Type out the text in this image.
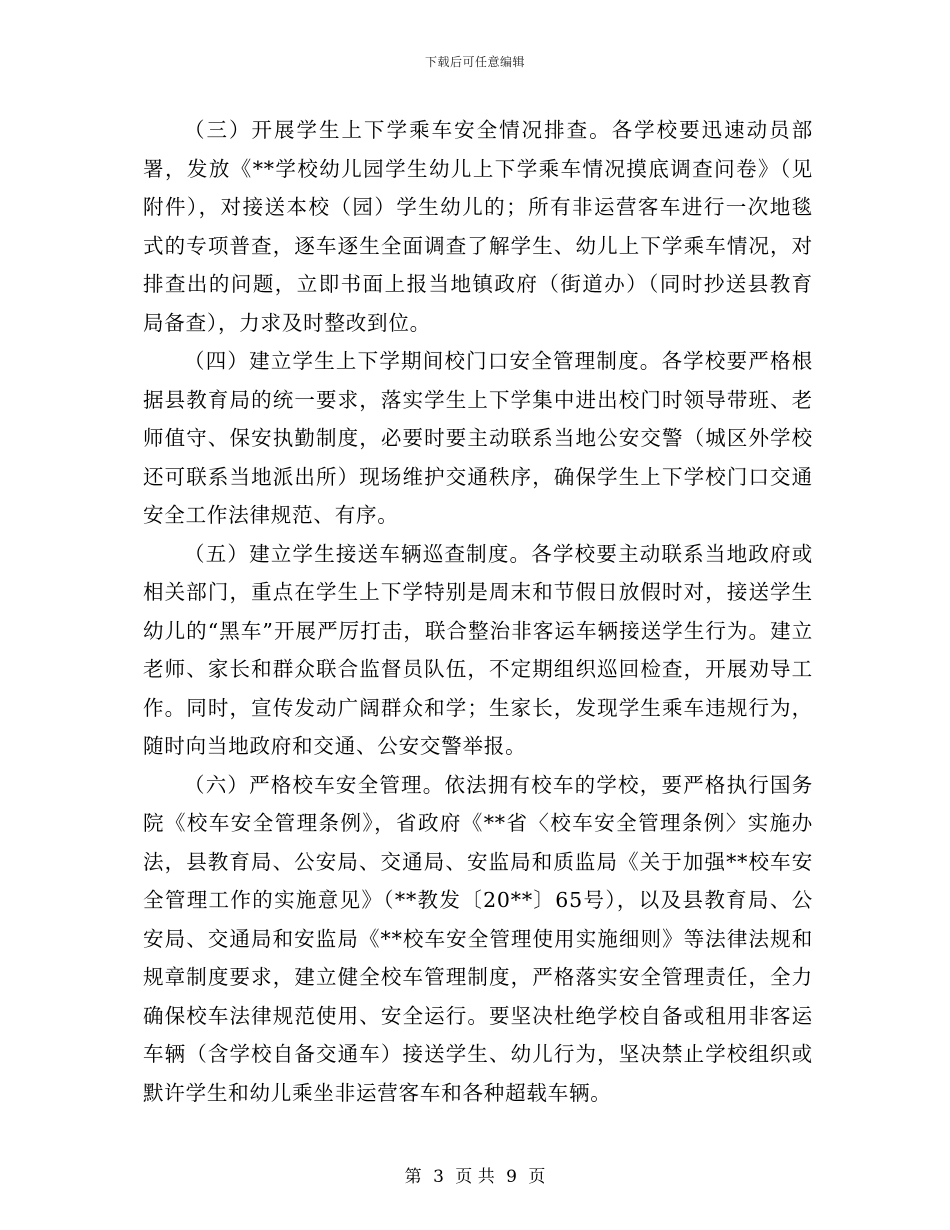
下载后可任意编辑

（三）开展学生上下学乘车安全情况排查。各学校要迅速动员部署，发放《**学校幼儿园学生幼儿上下学乘车情况摸底调查问卷》（见附件），对接送本校（园）学生幼儿的；所有非运营客车进行一次地毯式的专项普查，逐车逐生全面调查了解学生、幼儿上下学乘车情况，对排查出的问题，立即书面上报当地镇政府（街道办）（同时抄送县教育局备查），力求及时整改到位。

（四）建立学生上下学期间校门口安全管理制度。各学校要严格根据县教育局的统一要求，落实学生上下学集中进出校门时领导带班、老师值守、保安执勤制度，必要时要主动联系当地公安交警（城区外学校还可联系当地派出所）现场维护交通秩序，确保学生上下学校门口交通安全工作法律规范、有序。

（五）建立学生接送车辆巡查制度。各学校要主动联系当地政府或相关部门，重点在学生上下学特别是周末和节假日放假时对，接送学生幼儿的“黑车”开展严厉打击，联合整治非客运车辆接送学生行为。建立老师、家长和群众联合监督员队伍，不定期组织巡回检查，开展劝导工作。同时，宣传发动广阔群众和学；生家长，发现学生乘车违规行为，随时向当地政府和交通、公安交警举报。

（六）严格校车安全管理。依法拥有校车的学校，要严格执行国务院《校车安全管理条例》，省政府《**省〈校车安全管理条例〉实施办法，县教育局、公安局、交通局、安监局和质监局《关于加强**校车安全管理工作的实施意见》（**教发〔20**〕65号），以及县教育局、公安局、交通局和安监局《**校车安全管理使用实施细则》等法律法规和规章制度要求，建立健全校车管理制度，严格落实安全管理责任，全力确保校车法律规范使用、安全运行。要坚决杜绝学校自备或租用非客运车辆（含学校自备交通车）接送学生、幼儿行为，坚决禁止学校组织或默许学生和幼儿乘坐非运营客车和各种超载车辆。

第 3 页 共 9 页
